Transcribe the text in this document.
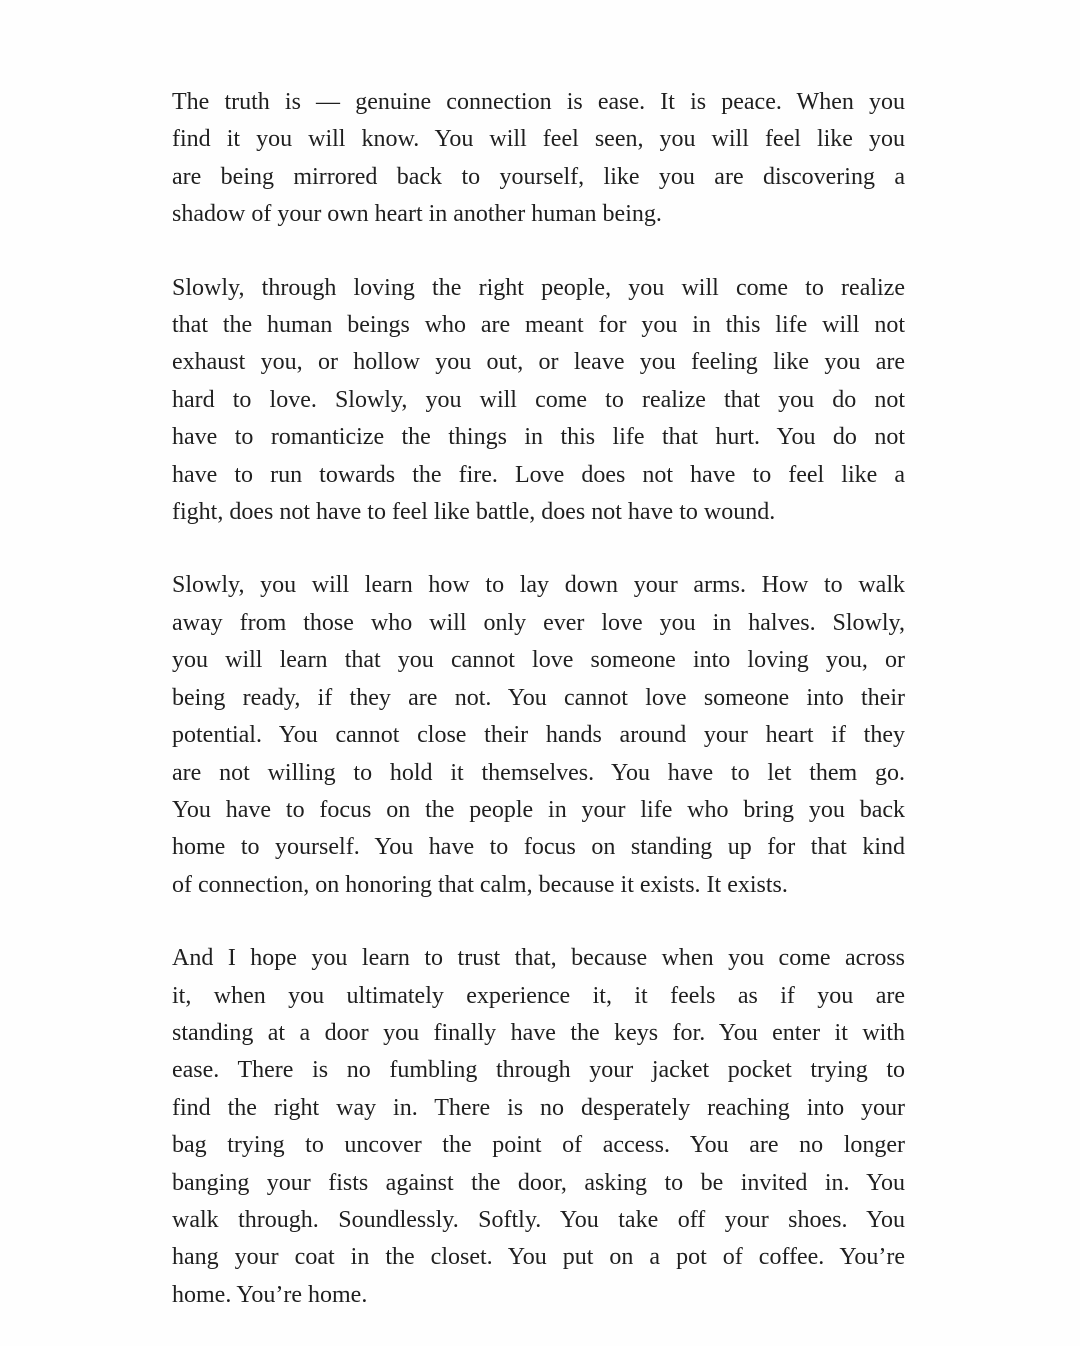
The truth is — genuine connection is ease. It is peace. When you
find it you will know. You will feel seen, you will feel like you
are being mirrored back to yourself, like you are discovering a
shadow of your own heart in another human being.
Slowly, through loving the right people, you will come to realize
that the human beings who are meant for you in this life will not
exhaust you, or hollow you out, or leave you feeling like you are
hard to love. Slowly, you will come to realize that you do not
have to romanticize the things in this life that hurt. You do not
have to run towards the fire. Love does not have to feel like a
fight, does not have to feel like battle, does not have to wound.
Slowly, you will learn how to lay down your arms. How to walk
away from those who will only ever love you in halves. Slowly,
you will learn that you cannot love someone into loving you, or
being ready, if they are not. You cannot love someone into their
potential. You cannot close their hands around your heart if they
are not willing to hold it themselves. You have to let them go.
You have to focus on the people in your life who bring you back
home to yourself. You have to focus on standing up for that kind
of connection, on honoring that calm, because it exists. It exists.
And I hope you learn to trust that, because when you come across
it, when you ultimately experience it, it feels as if you are
standing at a door you finally have the keys for. You enter it with
ease. There is no fumbling through your jacket pocket trying to
find the right way in. There is no desperately reaching into your
bag trying to uncover the point of access. You are no longer
banging your fists against the door, asking to be invited in. You
walk through. Soundlessly. Softly. You take off your shoes. You
hang your coat in the closet. You put on a pot of coffee. You’re
home. You’re home.
